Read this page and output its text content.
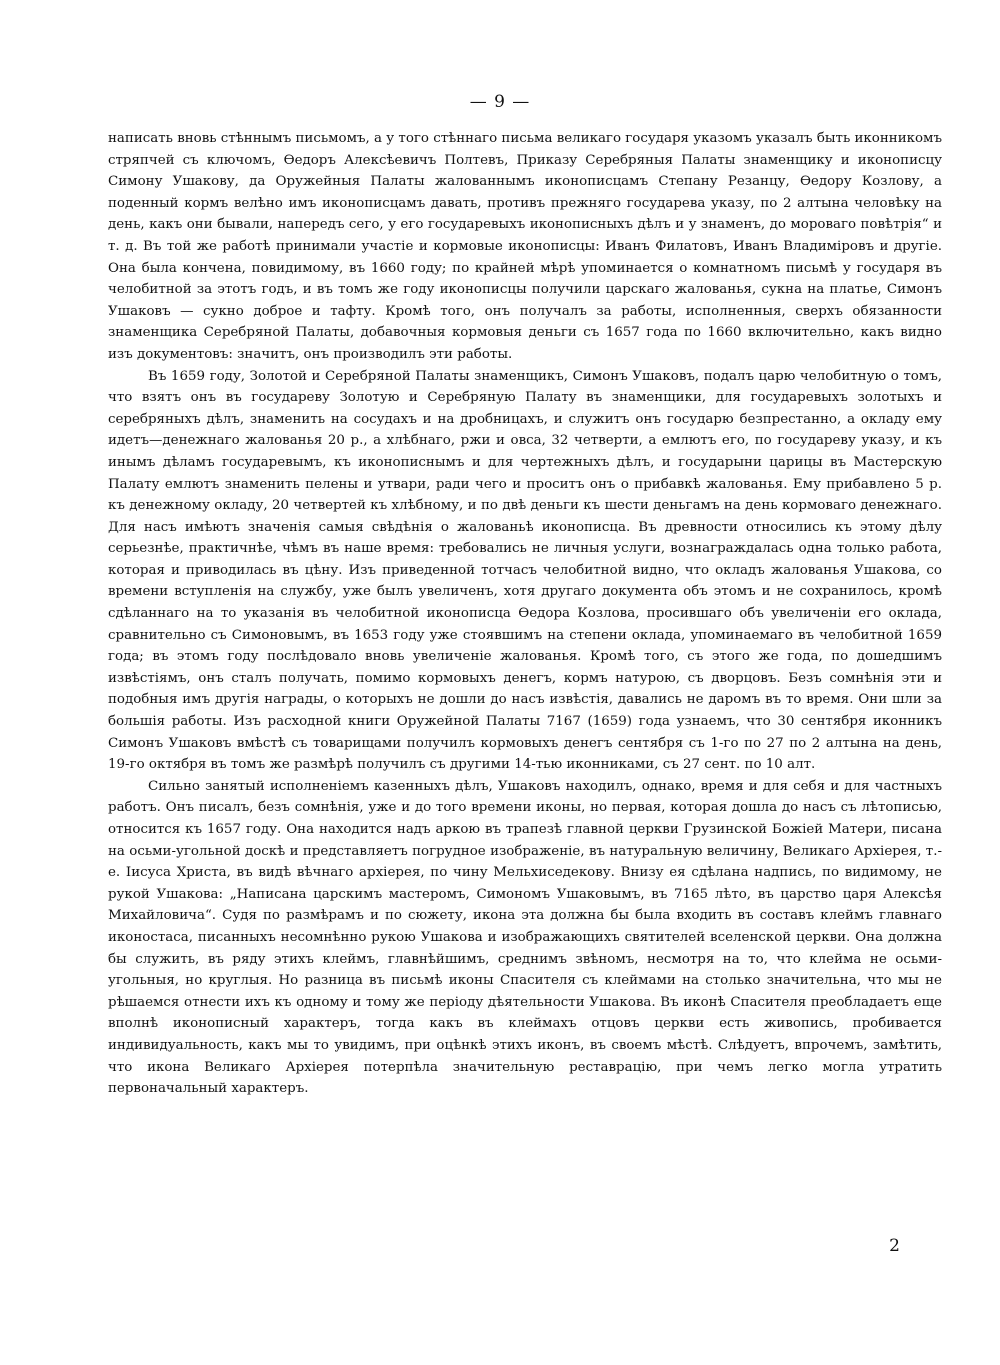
— 9 —

написать вновь стѣннымъ письмомъ, а у того стѣннаго письма великаго государя указомъ указалъ быть иконникомъ стряпчей съ ключомъ, Ѳедоръ Алексѣевичъ Полтевъ, Приказу Серебряныя Палаты знаменщику и иконописцу Симону Ушакову, да Оружейныя Палаты жалованнымъ иконописцамъ Степану Резанцу, Ѳедору Козлову, а поденный кормъ велѣно имъ иконописцамъ давать, противъ прежняго государева указу, по 2 алтына человѣку на день, какъ они бывали, напередъ сего, у его государевыхъ иконописныхъ дѣлъ и у знаменъ, до мороваго повѣтрія“ и т. д. Въ той же работѣ принимали участіе и кормовые иконописцы: Иванъ Филатовъ, Иванъ Владиміровъ и другіе. Она была кончена, повидимому, въ 1660 году; по крайней мѣрѣ упоминается о комнатномъ письмѣ у государя въ челобитной за этотъ годъ, и въ томъ же году иконописцы получили царскаго жалованья, сукна на платье, Симонъ Ушаковъ — сукно доброе и тафту. Кромѣ того, онъ получалъ за работы, исполненныя, сверхъ обязанности знаменщика Серебряной Палаты, добавочныя кормовыя деньги съ 1657 года по 1660 включительно, какъ видно изъ документовъ: значитъ, онъ производилъ эти работы.

Въ 1659 году, Золотой и Серебряной Палаты знаменщикъ, Симонъ Ушаковъ, подалъ царю челобитную о томъ, что взятъ онъ въ государеву Золотую и Серебряную Палату въ знаменщики, для государевыхъ золотыхъ и серебряныхъ дѣлъ, знаменить на сосудахъ и на дробницахъ, и служитъ онъ государю безпрестанно, а окладу ему идетъ—денежнаго жалованья 20 р., а хлѣбнаго, ржи и овса, 32 четверти, а емлютъ его, по государеву указу, и къ инымъ дѣламъ государевымъ, къ иконописнымъ и для чертежныхъ дѣлъ, и государыни царицы въ Мастерскую Палату емлютъ знаменить пелены и утвари, ради чего и проситъ онъ о прибавкѣ жалованья. Ему прибавлено 5 р. къ денежному окладу, 20 четвертей къ хлѣбному, и по двѣ деньги къ шести деньгамъ на день кормоваго денежнаго. Для насъ имѣютъ значенія самыя свѣдѣнія о жалованьѣ иконописца. Въ древности относились къ этому дѣлу серьезнѣе, практичнѣе, чѣмъ въ наше время: требовались не личныя услуги, вознаграждалась одна только работа, которая и приводилась въ цѣну. Изъ приведенной тотчасъ челобитной видно, что окладъ жалованья Ушакова, со времени вступленія на службу, уже былъ увеличенъ, хотя другаго документа объ этомъ и не сохранилось, кромѣ сдѣланнаго на то указанія въ челобитной иконописца Ѳедора Козлова, просившаго объ увеличеніи его оклада, сравнительно съ Симоновымъ, въ 1653 году уже стоявшимъ на степени оклада, упоминаемаго въ челобитной 1659 года; въ этомъ году послѣдовало вновь увеличеніе жалованья. Кромѣ того, съ этого же года, по дошедшимъ извѣстіямъ, онъ сталъ получать, помимо кормовыхъ денегъ, кормъ натурою, съ дворцовъ. Безъ сомнѣнія эти и подобныя имъ другія награды, о которыхъ не дошли до насъ извѣстія, давались не даромъ въ то время. Они шли за большія работы. Изъ расходной книги Оружейной Палаты 7167 (1659) года узнаемъ, что 30 сентября иконникъ Симонъ Ушаковъ вмѣстѣ съ товарищами получилъ кормовыхъ денегъ сентября съ 1-го по 27 по 2 алтына на день, 19-го октября въ томъ же размѣрѣ получилъ съ другими 14-тью иконниками, съ 27 сент. по 10 алт.

Сильно занятый исполненіемъ казенныхъ дѣлъ, Ушаковъ находилъ, однако, время и для себя и для частныхъ работъ. Онъ писалъ, безъ сомнѣнія, уже и до того времени иконы, но первая, которая дошла до насъ съ лѣтописью, относится къ 1657 году. Она находится надъ аркою въ трапезѣ главной церкви Грузинской Божіей Матери, писана на осьми-угольной доскѣ и представляетъ погрудное изображеніе, въ натуральную величину, Великаго Архіерея, т.-е. Іисуса Христа, въ видѣ вѣчнаго архіерея, по чину Мельхиседекову. Внизу ея сдѣлана надпись, по видимому, не рукой Ушакова: „Написана царскимъ мастеромъ, Симономъ Ушаковымъ, въ 7165 лѣто, въ царство царя Алексѣя Михайловича“. Судя по размѣрамъ и по сюжету, икона эта должна бы была входить въ составъ клеймъ главнаго иконостаса, писанныхъ несомнѣнно рукою Ушакова и изображающихъ святителей вселенской церкви. Она должна бы служить, въ ряду этихъ клеймъ, главнѣйшимъ, среднимъ звѣномъ, несмотря на то, что клейма не осьми-угольныя, но круглыя. Но разница въ письмѣ иконы Спасителя съ клеймами на столько значительна, что мы не рѣшаемся отнести ихъ къ одному и тому же періоду дѣятельности Ушакова. Въ иконѣ Спасителя преобладаетъ еще вполнѣ иконописный характеръ, тогда какъ въ клеймахъ отцовъ церкви есть живопись, пробивается индивидуальность, какъ мы то увидимъ, при оцѣнкѣ этихъ иконъ, въ своемъ мѣстѣ. Слѣдуетъ, впрочемъ, замѣтить, что икона Великаго Архіерея потерпѣла значительную реставрацію, при чемъ легко могла утратить первоначальный характеръ.

2
